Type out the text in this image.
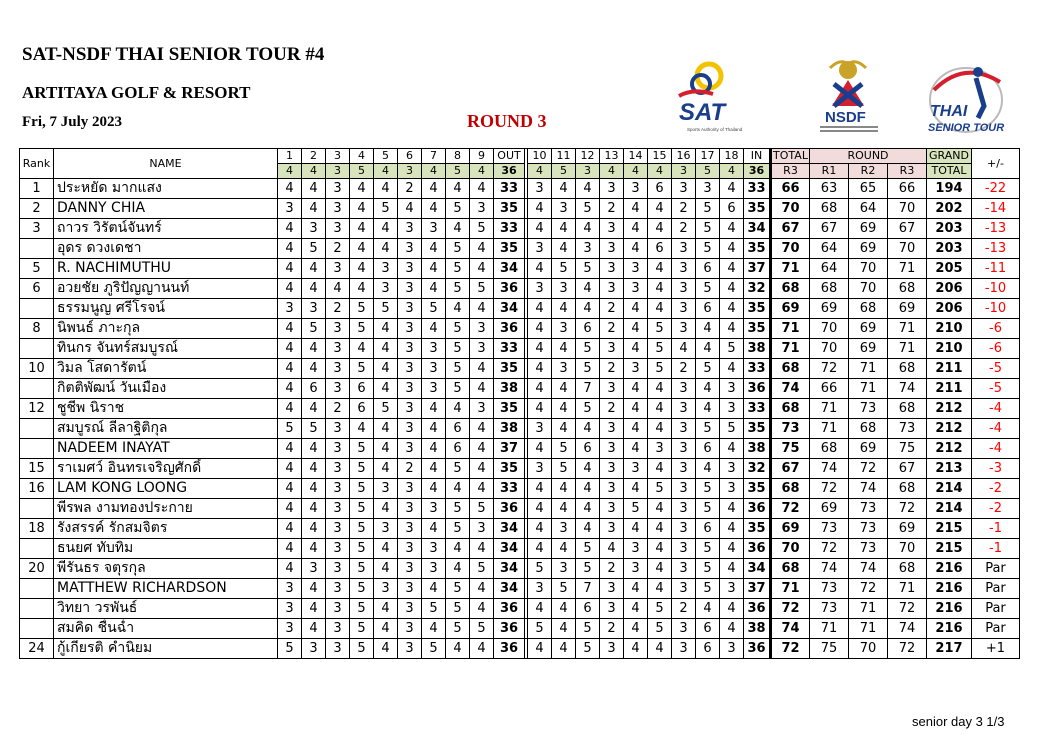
SAT-NSDF THAI SENIOR TOUR #4
ARTITAYA GOLF & RESORT
Fri, 7 July 2023	ROUND 3	SAT
Sports Authority of Thailand
NSDF	THAI
SENIOR TOUR
Rank	NAME	1	2	3	4	5	6	7	8	9	OUT		10	11	12	13	14	15	16	17	18	IN	TOTAL	ROUND			GRAND	+/-
		4	4	3	5	4	3	4	5	4	36		4	5	3	4	4	4	3	5	4	36	R3	R1	R2	R3	TOTAL	
1	ประหยัด มากแสง	4	4	3	4	4	2	4	4	4	33		3	4	4	3	3	6	3	3	4	33	66	63	65	66	194	-22
2	DANNY CHIA	3	4	3	4	5	4	4	5	3	35		4	3	5	2	4	4	2	5	6	35	70	68	64	70	202	-14
3	ถาวร วิรัตน์จันทร์	4	3	3	4	4	3	3	4	5	33		4	4	4	3	4	4	2	5	4	34	67	67	69	67	203	-13
	อุดร ดวงเดชา	4	5	2	4	4	3	4	5	4	35		3	4	3	3	4	6	3	5	4	35	70	64	69	70	203	-13
5	R. NACHIMUTHU	4	4	3	4	3	3	4	5	4	34		4	5	5	3	3	4	3	6	4	37	71	64	70	71	205	-11
6	อวยชัย ภูริปัญญานนท์	4	4	4	4	3	3	4	5	5	36		3	3	4	3	3	4	3	5	4	32	68	68	70	68	206	-10
	ธรรมนูญ ศรีโรจน์	3	3	2	5	5	3	5	4	4	34		4	4	4	2	4	4	3	6	4	35	69	69	68	69	206	-10
8	นิพนธ์ ภาะกุล	4	5	3	5	4	3	4	5	3	36		4	3	6	2	4	5	3	4	4	35	71	70	69	71	210	-6
	ทินกร จันทร์สมบูรณ์	4	4	3	4	4	3	3	5	3	33		4	4	5	3	4	5	4	4	5	38	71	70	69	71	210	-6
10	วิมล โสดารัตน์	4	4	3	5	4	3	3	5	4	35		4	3	5	2	3	5	2	5	4	33	68	72	71	68	211	-5
	กิตติพัฒน์ วันเมือง	4	6	3	6	4	3	3	5	4	38		4	4	7	3	4	4	3	4	3	36	74	66	71	74	211	-5
12	ชูชีพ นิราช	4	4	2	6	5	3	4	4	3	35		4	4	5	2	4	4	3	4	3	33	68	71	73	68	212	-4
	สมบูรณ์ ลีลาฐิติกุล	5	5	3	4	4	3	4	6	4	38		3	4	4	3	4	4	3	5	5	35	73	71	68	73	212	-4
	NADEEM INAYAT	4	4	3	5	4	3	4	6	4	37		4	5	6	3	4	3	3	6	4	38	75	68	69	75	212	-4
15	ราเมศว์ อินทรเจริญศักดิ์	4	4	3	5	4	2	4	5	4	35		3	5	4	3	3	4	3	4	3	32	67	74	72	67	213	-3
16	LAM KONG LOONG	4	4	3	5	3	3	4	4	4	33		4	4	4	3	4	5	3	5	3	35	68	72	74	68	214	-2
	พีรพล งามทองประกาย	4	4	3	5	4	3	3	5	5	36		4	4	4	3	5	4	3	5	4	36	72	69	73	72	214	-2
18	รังสรรค์ รักสมจิตร	4	4	3	5	3	3	4	5	3	34		4	3	4	3	4	4	3	6	4	35	69	73	73	69	215	-1
	ธนยศ ทับทิม	4	4	3	5	4	3	3	4	4	34		4	4	5	4	3	4	3	5	4	36	70	72	73	70	215	-1
20	พีรันธร จตุรกุล	4	3	3	5	4	3	3	4	5	34		5	3	5	2	3	4	3	5	4	34	68	74	74	68	216	Par
	MATTHEW RICHARDSON	3	4	3	5	3	3	4	5	4	34		3	5	7	3	4	4	3	5	3	37	71	73	72	71	216	Par
	วิทยา วรพันธ์	3	4	3	5	4	3	5	5	4	36		4	4	6	3	4	5	2	4	4	36	72	73	71	72	216	Par
	สมคิด ชื่นฉ่ำ	3	4	3	5	4	3	4	5	5	36		5	4	5	2	4	5	3	6	4	38	74	71	71	74	216	Par
24	กู้เกียรติ คำนิยม	5	3	3	5	4	3	5	4	4	36		4	4	5	3	4	4	3	6	3	36	72	75	70	72	217	+1
senior day 3 1/3
